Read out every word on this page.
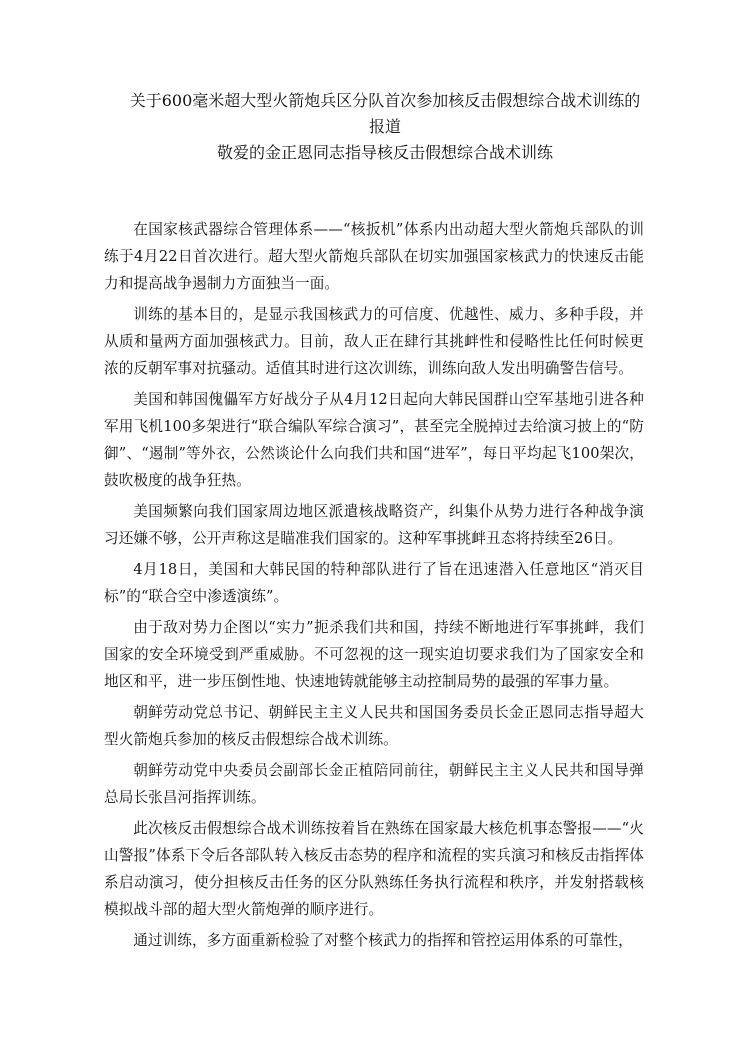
关于600毫米超大型火箭炮兵区分队首次参加核反击假想综合战术训练的
报道
敬爱的金正恩同志指导核反击假想综合战术训练

在国家核武器综合管理体系——“核扳机”体系内出动超大型火箭炮兵部队的训练于4月22日首次进行。超大型火箭炮兵部队在切实加强国家核武力的快速反击能力和提高战争遏制力方面独当一面。

训练的基本目的，是显示我国核武力的可信度、优越性、威力、多种手段，并从质和量两方面加强核武力。目前，敌人正在肆行其挑衅性和侵略性比任何时候更浓的反朝军事对抗骚动。适值其时进行这次训练，训练向敌人发出明确警告信号。

美国和韩国傀儡军方好战分子从4月12日起向大韩民国群山空军基地引进各种军用飞机100多架进行“联合编队军综合演习”，甚至完全脱掉过去给演习披上的“防御”、“遏制”等外衣，公然谈论什么向我们共和国“进军”，每日平均起飞100架次，鼓吹极度的战争狂热。

美国频繁向我们国家周边地区派遣核战略资产，纠集仆从势力进行各种战争演习还嫌不够，公开声称这是瞄准我们国家的。这种军事挑衅丑态将持续至26日。

4月18日，美国和大韩民国的特种部队进行了旨在迅速潜入任意地区“消灭目标”的“联合空中渗透演练”。

由于敌对势力企图以“实力”扼杀我们共和国，持续不断地进行军事挑衅，我们国家的安全环境受到严重威胁。不可忽视的这一现实迫切要求我们为了国家安全和地区和平，进一步压倒性地、快速地铸就能够主动控制局势的最强的军事力量。

朝鲜劳动党总书记、朝鲜民主主义人民共和国国务委员长金正恩同志指导超大型火箭炮兵参加的核反击假想综合战术训练。

朝鲜劳动党中央委员会副部长金正植陪同前往，朝鲜民主主义人民共和国导弹总局长张昌河指挥训练。

此次核反击假想综合战术训练按着旨在熟练在国家最大核危机事态警报——“火山警报”体系下令后各部队转入核反击态势的程序和流程的实兵演习和核反击指挥体系启动演习，使分担核反击任务的区分队熟练任务执行流程和秩序，并发射搭载核模拟战斗部的超大型火箭炮弹的顺序进行。

通过训练，多方面重新检验了对整个核武力的指挥和管控运用体系的可靠性，
